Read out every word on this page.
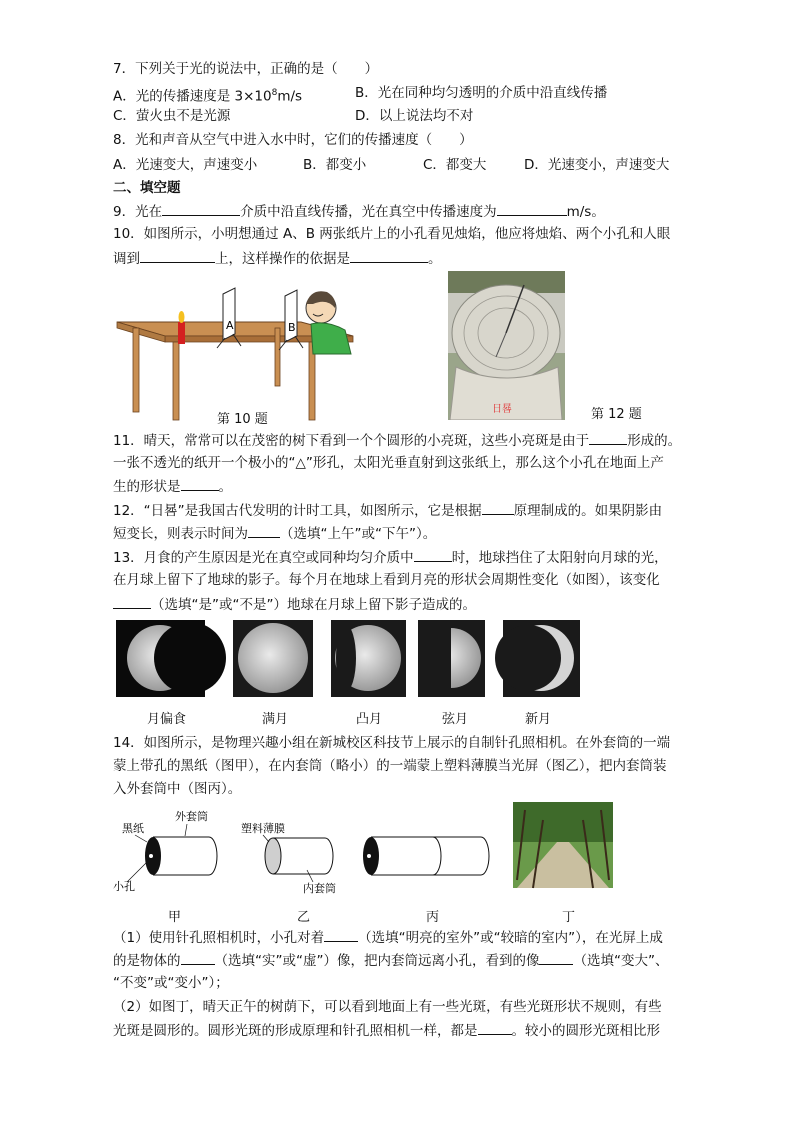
7．下列关于光的说法中，正确的是（　　）
A．光的传播速度是 $3\times 10^8m/s$	B．光在同种均匀透明的介质中沿直线传播
C．萤火虫不是光源	D．以上说法均不对
8．光和声音从空气中进入水中时，它们的传播速度（　　）
A．光速变大，声速变小	B．都变小	C．都变大	D．光速变小，声速变大
二、填空题
9．光在	介质中沿直线传播，光在真空中传播速度为	m/s。
10．如图所示，小明想通过 A、B 两张纸片上的小孔看见烛焰，他应将烛焰、两个小孔和人眼
调到	上，这样操作的依据是	。
A	B
第 10 题
日晷	第 12 题
11．晴天，常常可以在茂密的树下看到一个个圆形的小亮斑，这些小亮斑是由于	形成的。
一张不透光的纸开一个极小的“△”形孔，太阳光垂直射到这张纸上，那么这个小孔在地面上产
生的形状是	。
12．“日晷”是我国古代发明的计时工具，如图所示，它是根据 原理制成的。如果阴影由
短变长，则表示时间为 （选填“上午”或“下午”）。
13．月食的产生原因是光在真空或同种均匀介质中	时，地球挡住了太阳射向月球的光，
在月球上留下了地球的影子。每个月在地球上看到月亮的形状会周期性变化（如图），该变化
（选填“是”或“不是”）地球在月球上留下影子造成的。
月偏食	满月	凸月	弦月	新月
14．如图所示，是物理兴趣小组在新城校区科技节上展示的自制针孔照相机。在外套筒的一端
蒙上带孔的黑纸（图甲），在内套筒（略小）的一端蒙上塑料薄膜当光屏（图乙），把内套筒装
入外套筒中（图丙）。
黑纸
外套筒
小孔
塑料薄膜
内套筒
甲	乙	丙	丁
（1）使用针孔照相机时，小孔对着	（选填“明亮的室外”或“较暗的室内”），在光屏上成
的是物体的	（选填“实”或“虚”）像，把内套筒远离小孔，看到的像	（选填“变大”、
“不变”或“变小”）；
（2）如图丁，晴天正午的树荫下，可以看到地面上有一些光斑，有些光斑形状不规则，有些
光斑是圆形的。圆形光斑的形成原理和针孔照相机一样，都是	。较小的圆形光斑相比形
